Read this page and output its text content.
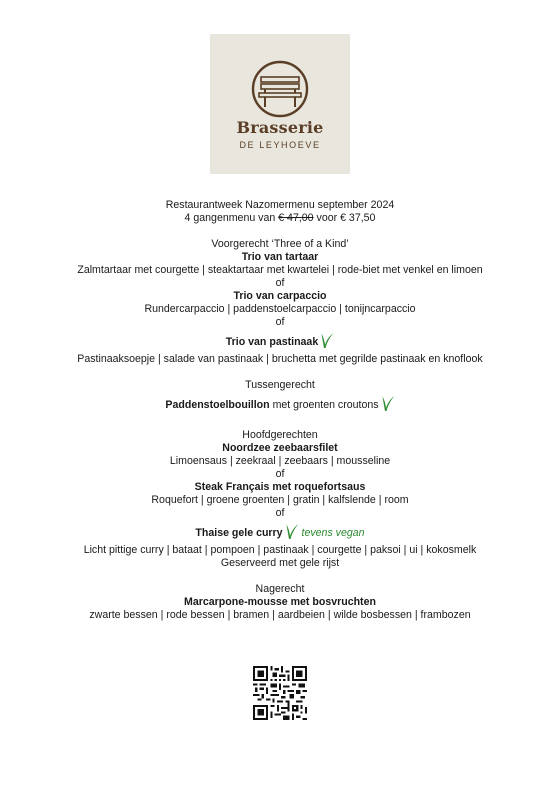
Brasserie
DE LEYHOEVE

Restaurantweek Nazomermenu september 2024

4 gangenmenu van € 47,00 voor € 37,50

Voorgerecht ‘Three of a Kind’

Trio van tartaar

Zalmtartaar met courgette | steaktartaar met kwartelei | rode-biet met venkel en limoen

of

Trio van carpaccio

Rundercarpaccio | paddenstoelcarpaccio | tonijncarpaccio

of

Trio van pastinaak

Pastinaaksoepje | salade van pastinaak | bruchetta met gegrilde pastinaak en knoflook

Tussengerecht

Paddenstoelbouillon met groenten croutons

Hoofdgerechten

Noordzee zeebaarsfilet

Limoensaus | zeekraal | zeebaars | mousseline

of

Steak Français met roquefortsaus

Roquefort | groene groenten | gratin | kalfslende | room

of

Thaise gele curry tevens vegan

Licht pittige curry | bataat | pompoen | pastinaak | courgette | paksoi | ui | kokosmelk

Geserveerd met gele rijst

Nagerecht

Marcarpone-mousse met bosvruchten

zwarte bessen | rode bessen | bramen | aardbeien | wilde bosbessen | frambozen
